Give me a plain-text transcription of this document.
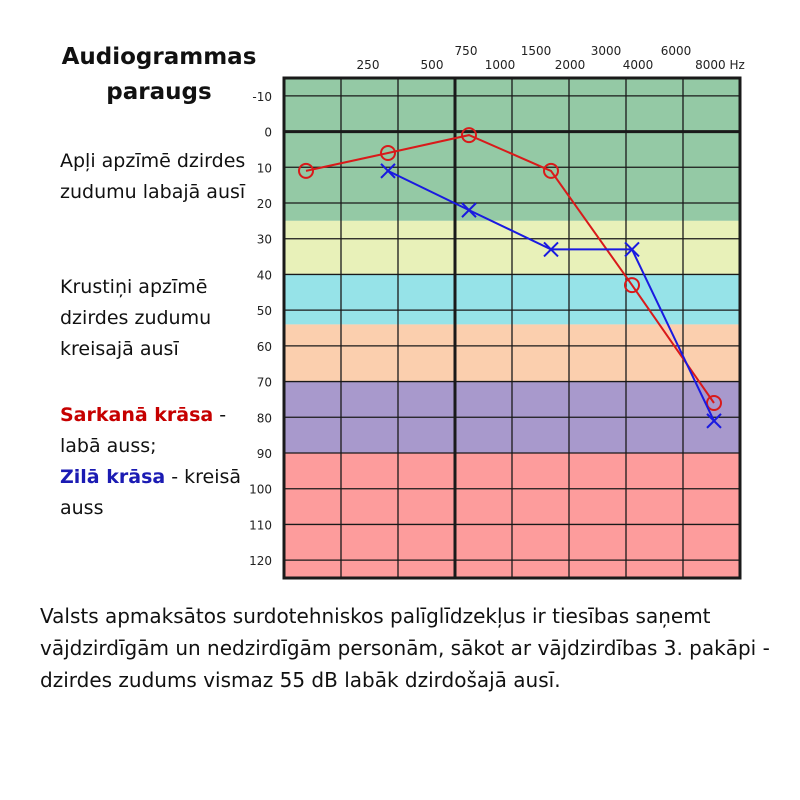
Audiogrammas paraugs
Apļi apzīmē dzirdes zudumu labajā ausī
Krustiņi apzīmē dzirdes zudumu kreisajā ausī
Sarkanā krāsa - labā auss;
Zilā krāsa - kreisā auss
-10
0
10
20
30
40
50
60
70
80
90
100
110
120
250	500	1000	2000	4000	8000 Hz
750	1500	3000	6000
Valsts apmaksātos surdotehniskos palīglīdzekļus ir tiesības saņemt vājdzirdīgām un nedzirdīgām personām, sākot ar vājdzirdības 3. pakāpi - dzirdes zudums vismaz 55 dB labāk dzirdošajā ausī.
